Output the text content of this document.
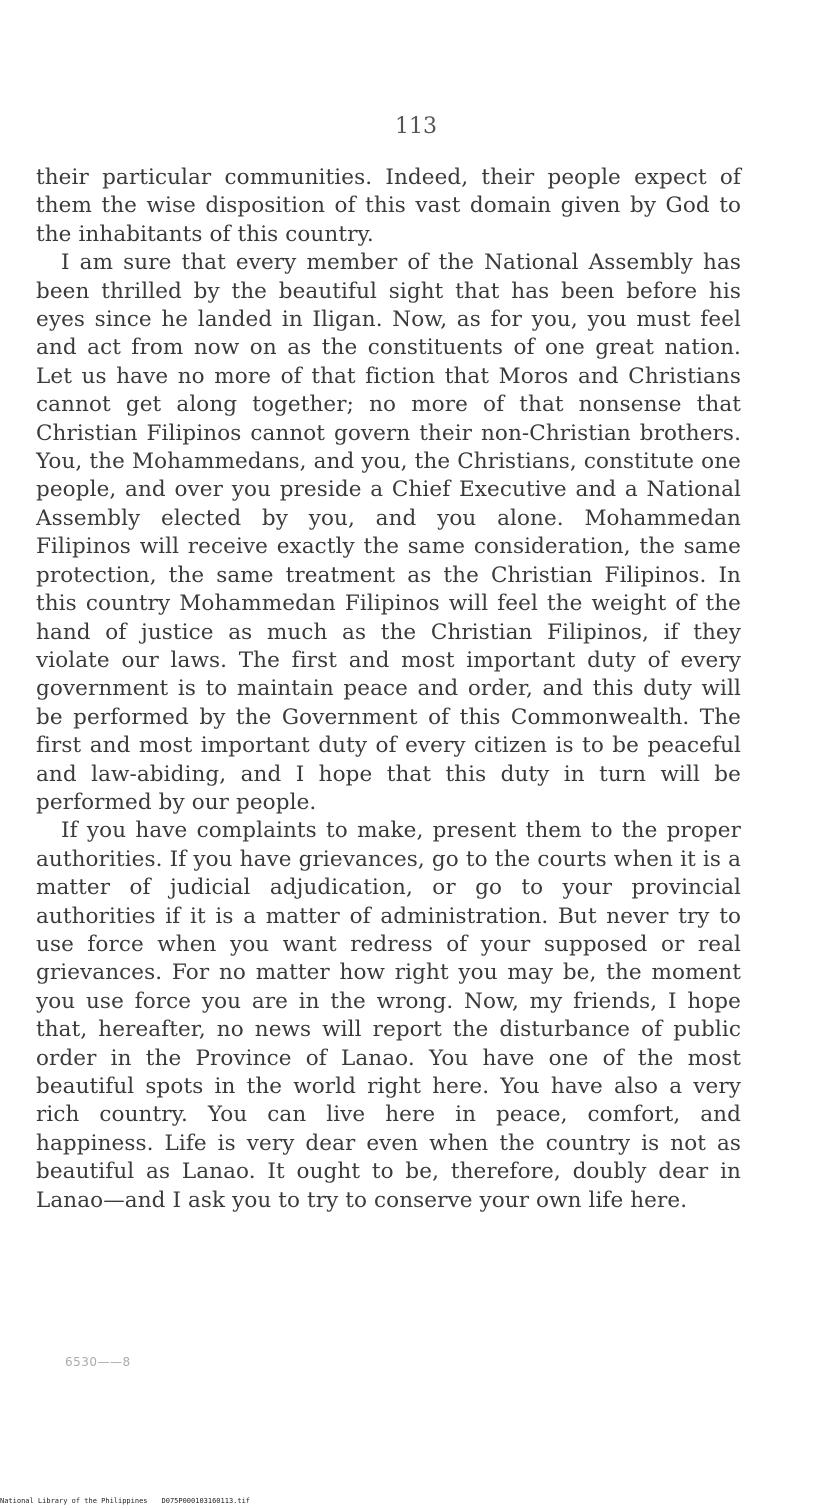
113

their particular communities. Indeed, their people expect of them the wise disposition of this vast domain given by God to the inhabitants of this country.

I am sure that every member of the National Assembly has been thrilled by the beautiful sight that has been before his eyes since he landed in Iligan. Now, as for you, you must feel and act from now on as the constituents of one great nation. Let us have no more of that fiction that Moros and Christians cannot get along together; no more of that nonsense that Christian Filipinos cannot govern their non-Christian brothers. You, the Mohammedans, and you, the Christians, constitute one people, and over you preside a Chief Executive and a National Assembly elected by you, and you alone. Mohammedan Filipinos will receive exactly the same consideration, the same protection, the same treatment as the Christian Filipinos. In this country Mohammedan Filipinos will feel the weight of the hand of justice as much as the Christian Filipinos, if they violate our laws. The first and most important duty of every government is to maintain peace and order, and this duty will be performed by the Government of this Commonwealth. The first and most important duty of every citizen is to be peaceful and law-abiding, and I hope that this duty in turn will be performed by our people.

If you have complaints to make, present them to the proper authorities. If you have grievances, go to the courts when it is a matter of judicial adjudication, or go to your provincial authorities if it is a matter of administration. But never try to use force when you want redress of your supposed or real grievances. For no matter how right you may be, the moment you use force you are in the wrong. Now, my friends, I hope that, hereafter, no news will report the disturbance of public order in the Province of Lanao. You have one of the most beautiful spots in the world right here. You have also a very rich country. You can live here in peace, comfort, and happiness. Life is very dear even when the country is not as beautiful as Lanao. It ought to be, therefore, doubly dear in Lanao—and I ask you to try to conserve your own life here.

6530——8
National Library of the Philippines D075P000103160113.tif
